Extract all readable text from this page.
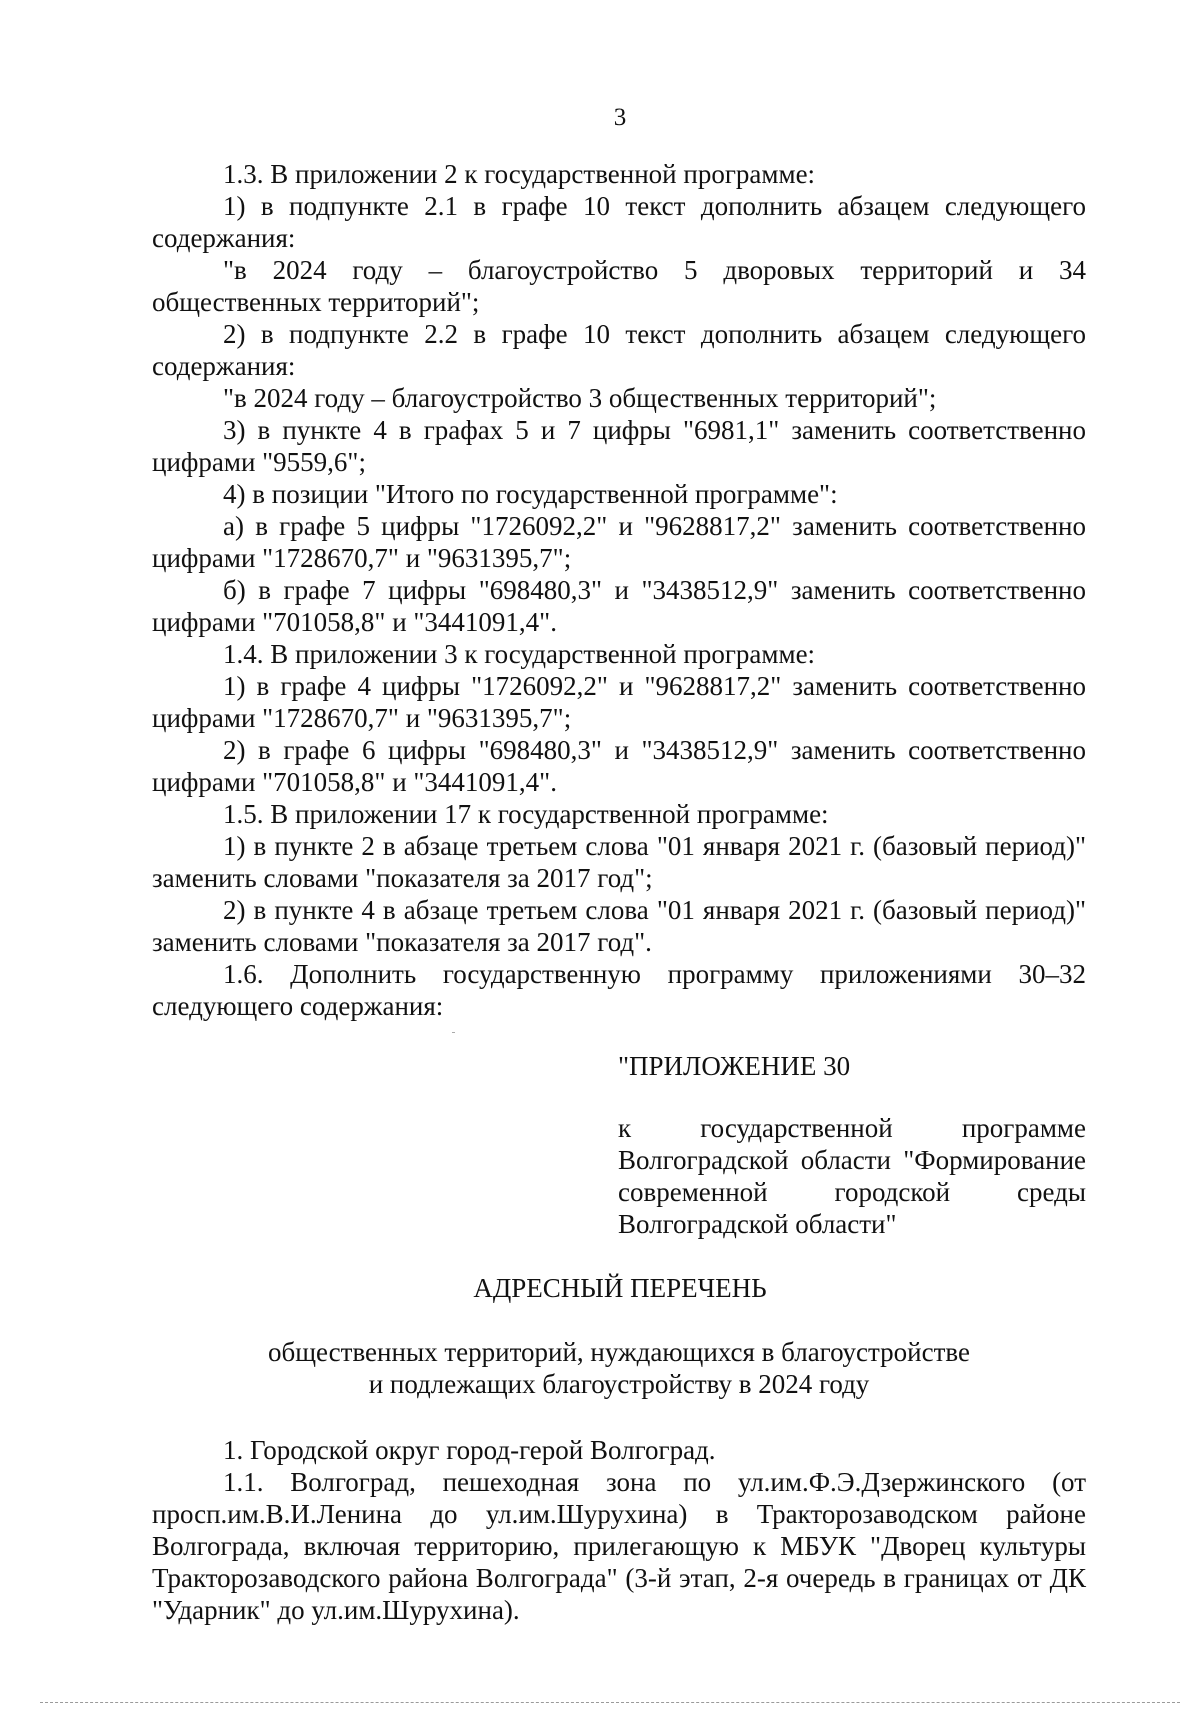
3

1.3. В приложении 2 к государственной программе:

1) в подпункте 2.1 в графе 10 текст дополнить абзацем следующего содержания:

"в 2024 году – благоустройство 5 дворовых территорий и 34 общественных территорий";

2) в подпункте 2.2 в графе 10 текст дополнить абзацем следующего содержания:

"в 2024 году – благоустройство 3 общественных территорий";

3) в пункте 4 в графах 5 и 7 цифры "6981,1" заменить соответственно цифрами "9559,6";

4) в позиции "Итого по государственной программе":

а) в графе 5 цифры "1726092,2" и "9628817,2" заменить соответственно цифрами "1728670,7" и "9631395,7";

б) в графе 7 цифры "698480,3" и "3438512,9" заменить соответственно цифрами "701058,8" и "3441091,4".

1.4. В приложении 3 к государственной программе:

1) в графе 4 цифры "1726092,2" и "9628817,2" заменить соответственно цифрами "1728670,7" и "9631395,7";

2) в графе 6 цифры "698480,3" и "3438512,9" заменить соответственно цифрами "701058,8" и "3441091,4".

1.5. В приложении 17 к государственной программе:

1) в пункте 2 в абзаце третьем слова "01 января 2021 г. (базовый период)" заменить словами "показателя за 2017 год";

2) в пункте 4 в абзаце третьем слова "01 января 2021 г. (базовый период)" заменить словами "показателя за 2017 год".

1.6. Дополнить государственную программу приложениями 30–32 следующего содержания:

"ПРИЛОЖЕНИЕ 30
к государственной программе
Волгоградской области "Формирование
современной городской среды
Волгоградской области"
АДРЕСНЫЙ ПЕРЕЧЕНЬ
общественных территорий, нуждающихся в благоустройстве
и подлежащих благоустройству в 2024 году

1. Городской округ город-герой Волгоград.

1.1. Волгоград, пешеходная зона по ул.им.Ф.Э.Дзержинского (от просп.им.В.И.Ленина до ул.им.Шурухина) в Тракторозаводском районе Волгограда, включая территорию, прилегающую к МБУК "Дворец культуры Тракторозаводского района Волгограда" (3-й этап, 2-я очередь в границах от ДК "Ударник" до ул.им.Шурухина).
